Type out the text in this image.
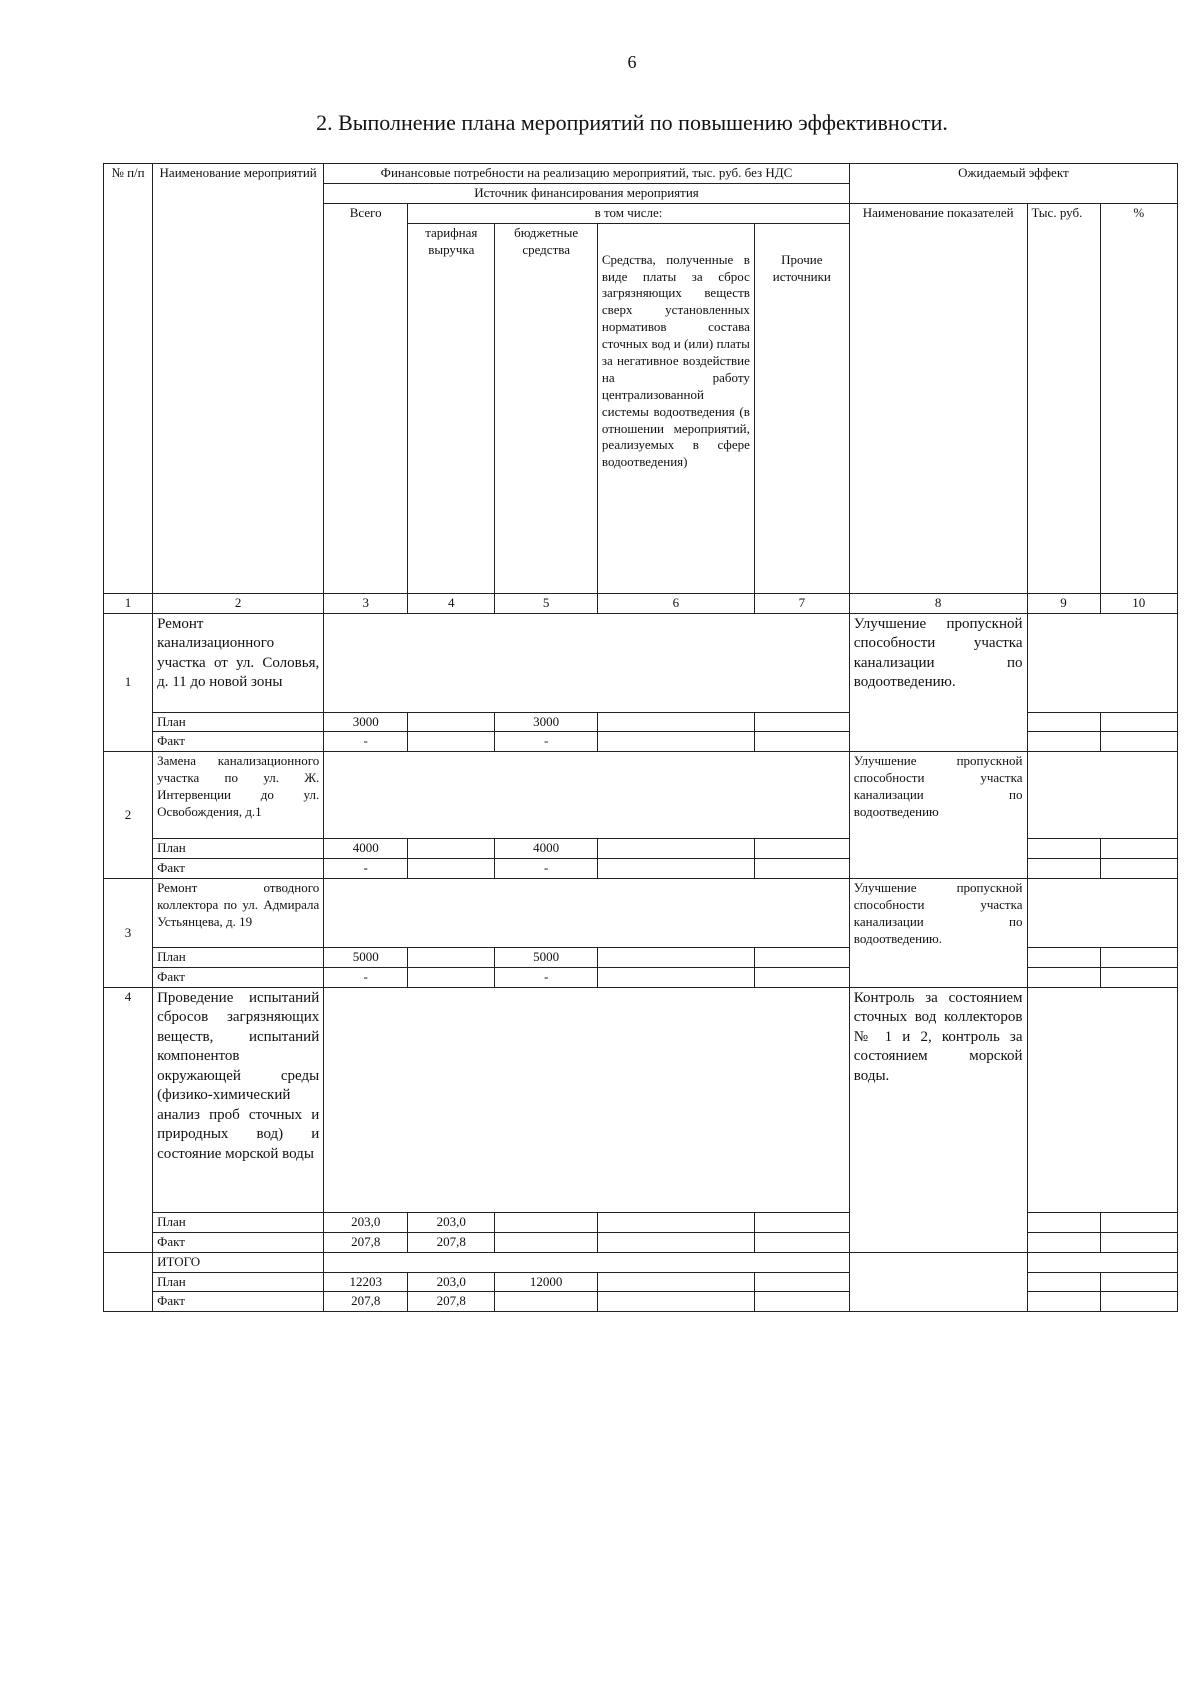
6
2. Выполнение плана мероприятий по повышению эффективности.
№ п/п	Наименование мероприятий	Финансовые потребности на реализацию мероприятий, тыс. руб. без НДС					Ожидаемый эффект		
		Источник финансирования мероприятия							
		Всего	в том числе:				Наименование показателей	Тыс. руб.	%
			тарифная выручка	бюджетные средства	Средства, полученные в виде платы за сброс загрязняющих веществ сверх установленных нормативов состава сточных вод и (или) платы за негативное воздействие на работу централизованной системы водоотведения (в отношении мероприятий, реализуемых в сфере водоотведения)	Прочие источники			
1	2	3	4	5	6	7	8	9	10
1	Ремонт канализационного участка от ул. Соловья, д. 11 до новой зоны						Улучшение пропускной способности участка канализации по водоотведению.		
	План	3000		3000					
	Факт	-		-					
2	Замена канализационного участка по ул. Ж. Интервенции до ул. Освобождения, д.1						Улучшение пропускной способности участка канализации по водоотведению		
	План	4000		4000					
	Факт	-		-					
3	Ремонт отводного коллектора по ул. Адмирала Устьянцева, д. 19						Улучшение пропускной способности участка канализации по водоотведению.		
	План	5000		5000					
	Факт	-		-					
4	Проведение испытаний сбросов загрязняющих веществ, испытаний компонентов окружающей среды (физико-химический анализ проб сточных и природных вод) и состояние морской воды						Контроль за состоянием сточных вод коллекторов № 1 и 2, контроль за состоянием морской воды.		
	План	203,0	203,0						
	Факт	207,8	207,8						
	ИТОГО								
	План	12203	203,0	12000					
	Факт	207,8	207,8						
